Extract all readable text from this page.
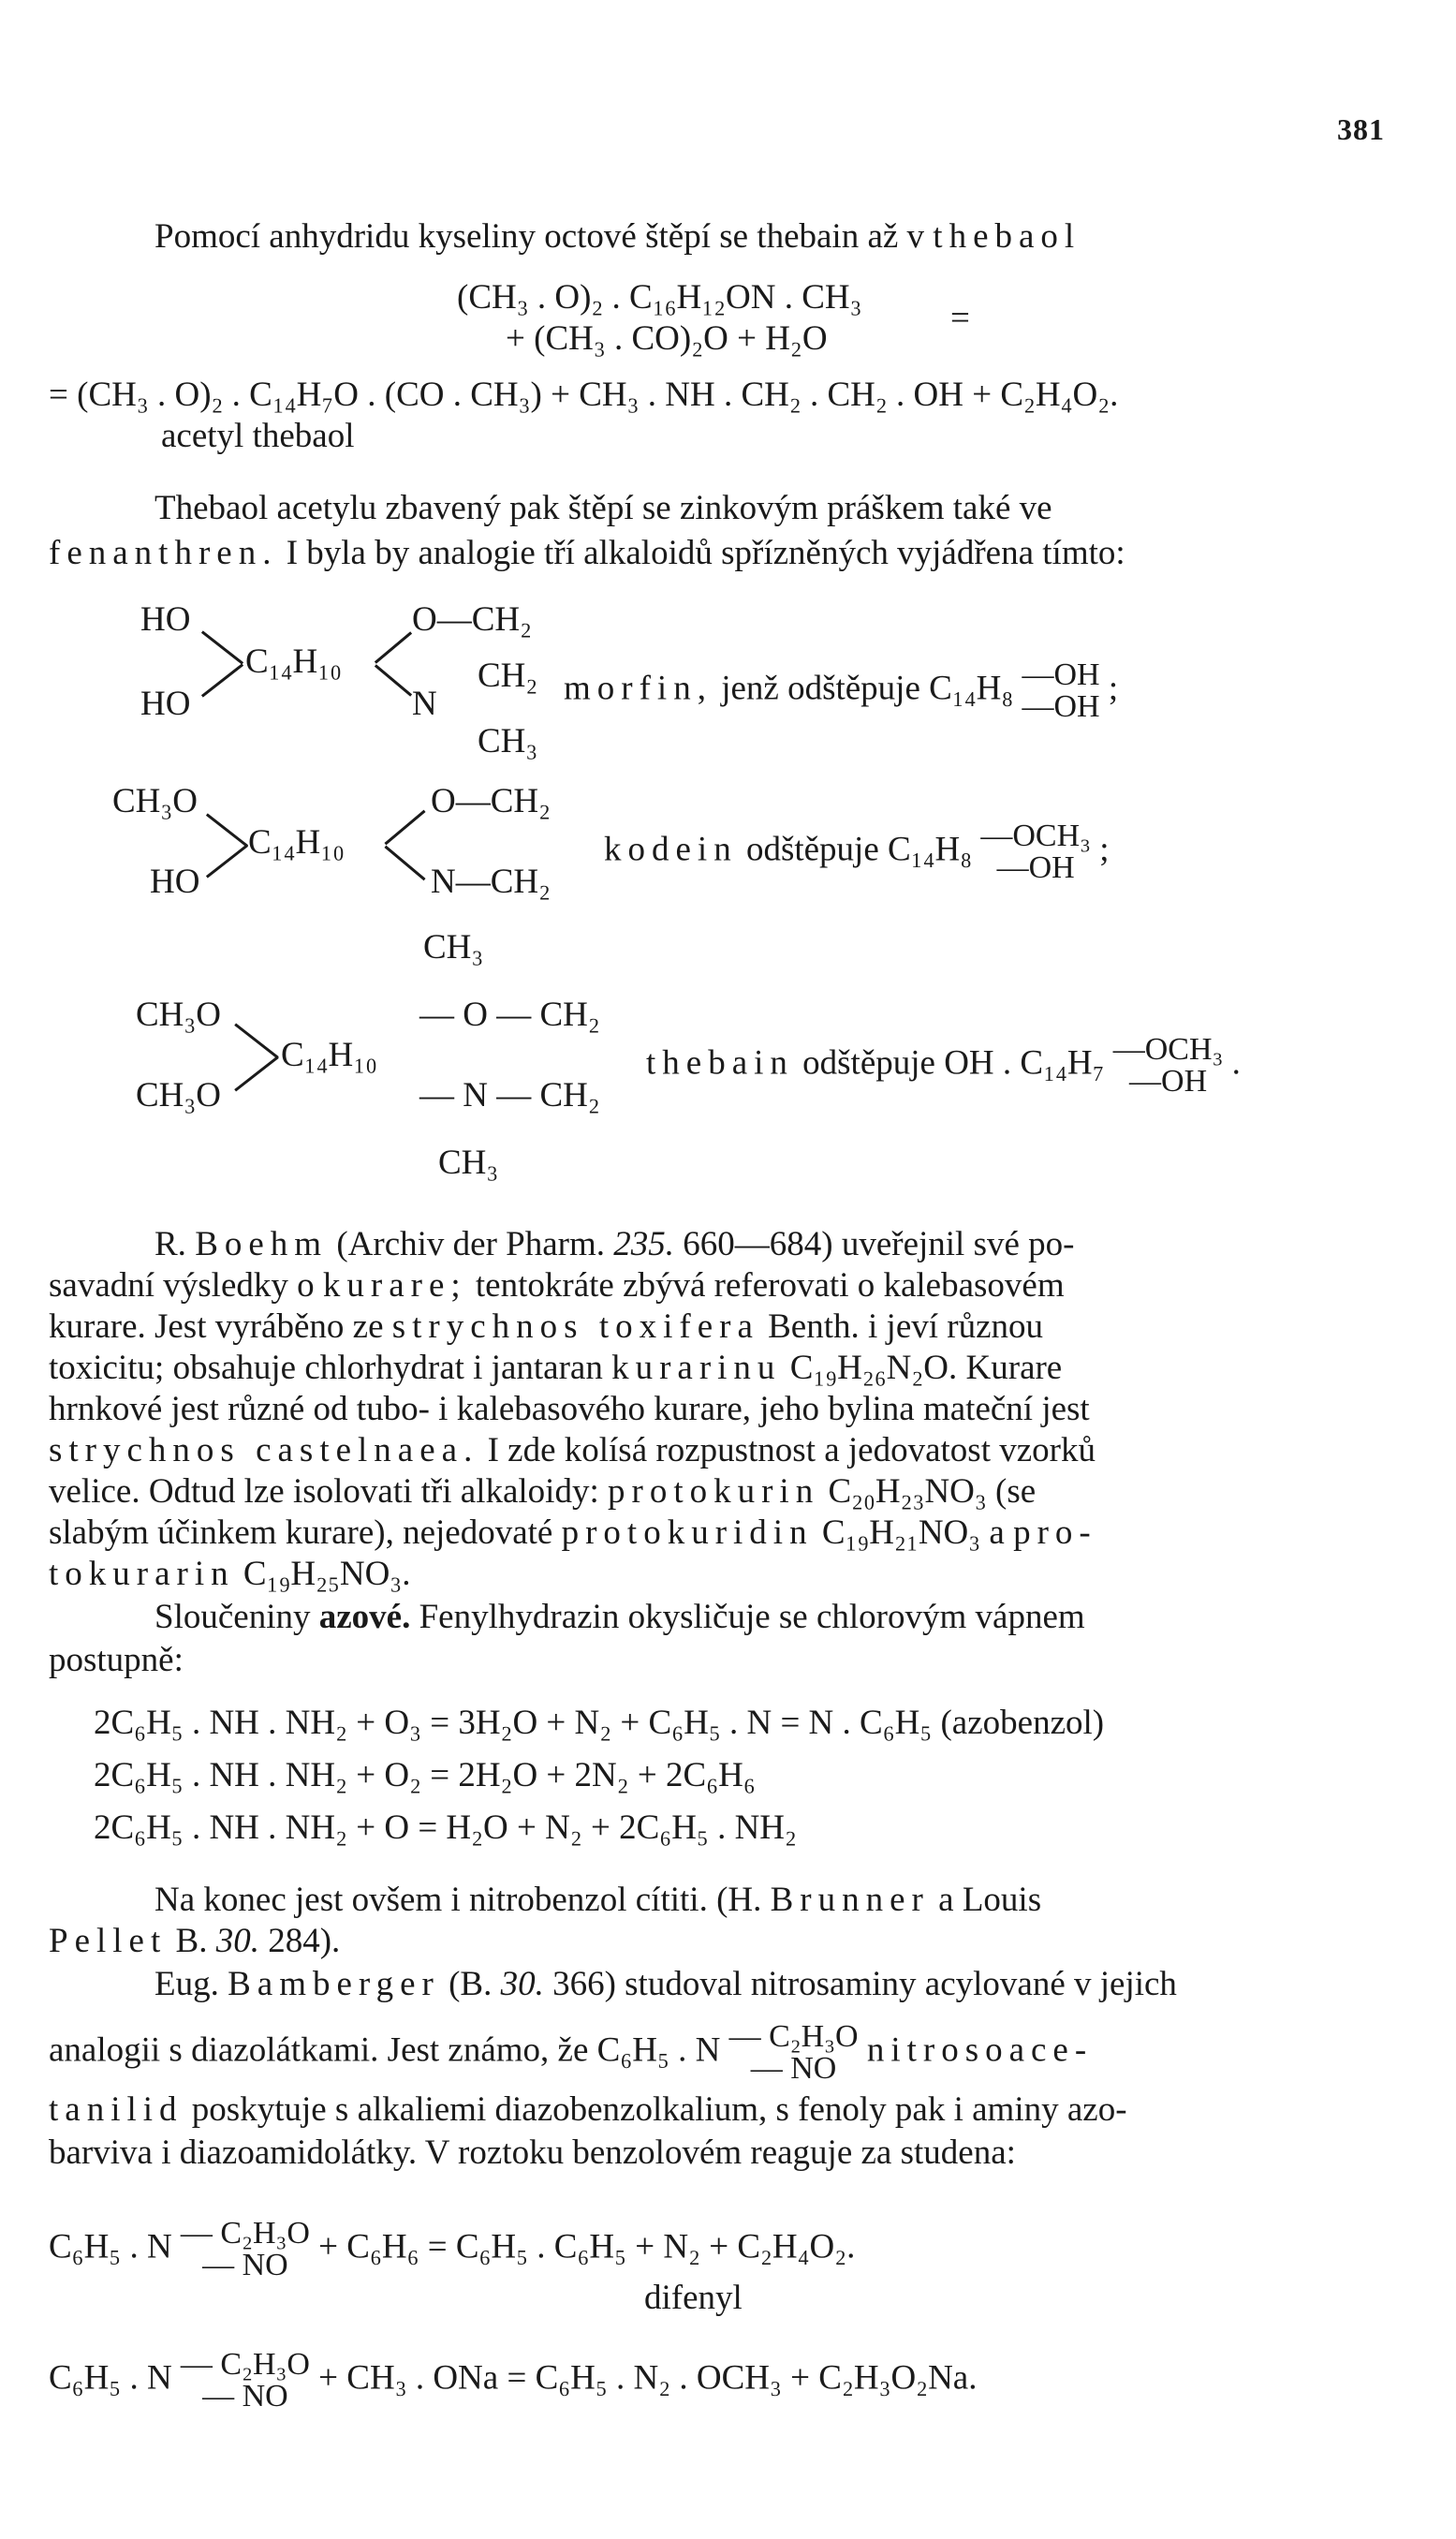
381
Pomocí anhydridu kyseliny octové štěpí se thebain až v thebaol
(CH₃ . O)₂ . C₁₆H₁₂ON . CH₃
+ (CH₃ . CO)₂O + H₂O
=
= (CH₃ . O)₂ . C₁₄H₇O . (CO . CH₃) + CH₃ . NH . CH₂ . CH₂ . OH + C₂H₄O₂.
acetyl thebaol
Thebaol acetylu zbavený pak štěpí se zinkovým práškem také ve
fenanthren. I byla by analogie tří alkaloidů spřízněných vyjádřena tímto:
HO
HO
C₁₄H₁₀
O—CH₂
N
CH₂
CH₃
morfin, jenž odštěpuje C₁₄H₈ —OH
—OH ;
CH₃O
HO
C₁₄H₁₀
O—CH₂
N—CH₂
CH₃
kodein odštěpuje C₁₄H₈ —OCH₃
—OH ;
CH₃O
CH₃O
C₁₄H₁₀
— O — CH₂
— N — CH₂
CH₃
thebain odštěpuje OH . C₁₄H₇ —OCH₃
—OH .
R. Boehm (Archiv der Pharm. 235. 660—684) uveřejnil své po-
savadní výsledky o kurare; tentokráte zbývá referovati o kalebasovém
kurare. Jest vyráběno ze strychnos toxifera Benth. i jeví různou
toxicitu; obsahuje chlorhydrat i jantaran kurarinu C₁₉H₂₆N₂O. Kurare
hrnkové jest různé od tubo- i kalebasového kurare, jeho bylina mateční jest
strychnos castelnaea. I zde kolísá rozpustnost a jedovatost vzorků
velice. Odtud lze isolovati tři alkaloidy: protokurin C₂₀H₂₃NO₃ (se
slabým účinkem kurare), nejedovaté protokuridin C₁₉H₂₁NO₃ a pro-
tokurarin C₁₉H₂₅NO₃.
Sloučeniny azové. Fenylhydrazin okysličuje se chlorovým vápnem
postupně:
2C₆H₅ . NH . NH₂ + O₃ = 3H₂O + N₂ + C₆H₅ . N = N . C₆H₅ (azobenzol)
2C₆H₅ . NH . NH₂ + O₂ = 2H₂O + 2N₂ + 2C₆H₆
2C₆H₅ . NH . NH₂ + O = H₂O + N₂ + 2C₆H₅ . NH₂
Na konec jest ovšem i nitrobenzol cítiti. (H. Brunner a Louis
Pellet B. 30. 284).
Eug. Bamberger (B. 30. 366) studoval nitrosaminy acylované v jejich
analogii s diazolátkami. Jest známo, že C₆H₅ . N — C₂H₃O
— NO nitrosoace-
tanilid poskytuje s alkaliemi diazobenzolkalium, s fenoly pak i aminy azo-
barviva i diazoamidolátky. V roztoku benzolovém reaguje za studena:
C₆H₅ . N — C₂H₃O
— NO + C₆H₆ = C₆H₅ . C₆H₅ + N₂ + C₂H₄O₂.
difenyl
C₆H₅ . N — C₂H₃O
— NO + CH₃ . ONa = C₆H₅ . N₂ . OCH₃ + C₂H₃O₂Na.
